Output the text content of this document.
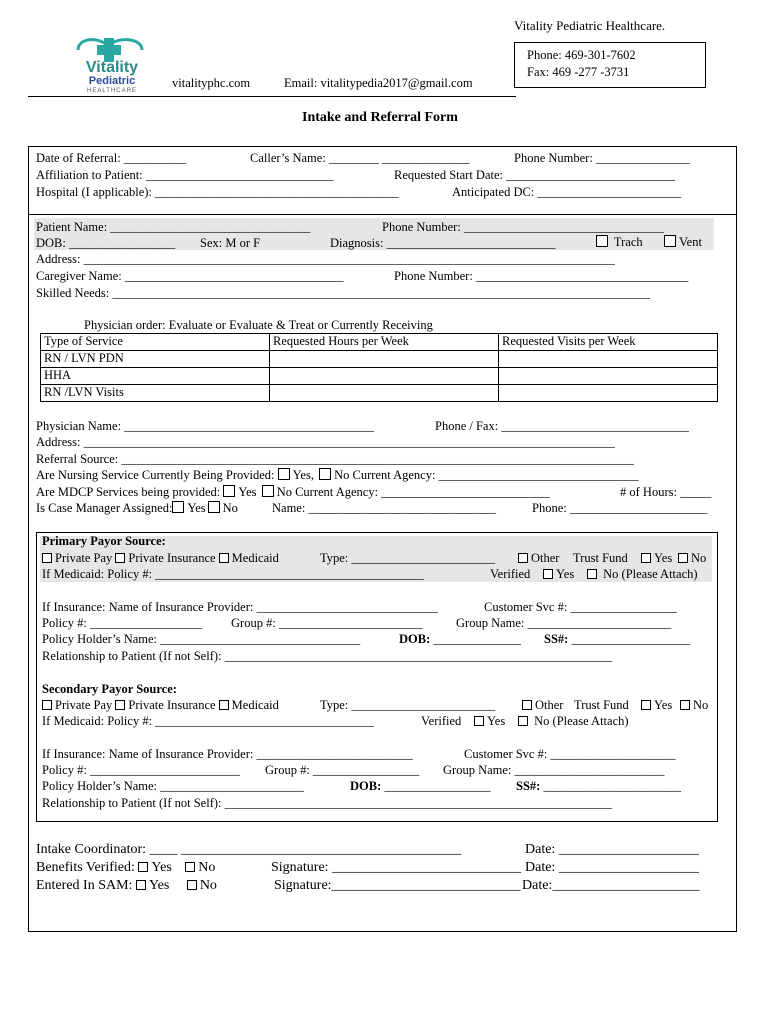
Vitality
Pediatric
HEALTHCARE
Vitality Pediatric Healthcare.
Phone: 469-301-7602
Fax: 469 -277 -3731
vitalityphc.com	Email: vitalitypedia2017@gmail.com
Intake and Referral Form
Date of Referral: __________	Caller’s Name: ________ ______________	Phone Number: _______________
Affiliation to Patient: ______________________________	Requested Start Date: ___________________________
Hospital (I applicable): _______________________________________	Anticipated DC: _______________________
Patient Name: ________________________________	Phone Number: ________________________________
DOB: _________________ Sex: M or F	Diagnosis: ___________________________	Trach	Vent
Address: _____________________________________________________________________________________
Caregiver Name: ___________________________________	Phone Number: __________________________________
Skilled Needs: ______________________________________________________________________________________
Physician order: Evaluate or Evaluate & Treat or Currently Receiving
Type of Service	Requested Hours per Week	Requested Visits per Week
RN / LVN PDN		
HHA		
RN /LVN Visits		
Physician Name: ________________________________________	Phone / Fax: ______________________________
Address: _____________________________________________________________________________________
Referral Source: __________________________________________________________________________________
Are Nursing Service Currently Being Provided: Yes, No Current Agency: ________________________________
Are MDCP Services being provided: Yes No Current Agency: ___________________________	# of Hours: _____
Is Case Manager Assigned: Yes No	Name: ______________________________	Phone: ______________________
Primary Payor Source:
Private Pay Private Insurance Medicaid	Type: _______________________	Other Trust Fund	Yes	No
If Medicaid: Policy #: ___________________________________________	Verified	Yes	No (Please Attach)
If Insurance: Name of Insurance Provider: _____________________________	Customer Svc #: _________________
Policy #: __________________ Group #: _______________________	Group Name: _______________________
Policy Holder’s Name: ________________________________	DOB: ______________ SS#: ___________________
Relationship to Patient (If not Self): ______________________________________________________________
Secondary Payor Source:
Private Pay Private Insurance Medicaid	Type: _______________________	Other Trust Fund	Yes	No
If Medicaid: Policy #: ___________________________________	Verified	Yes	No (Please Attach)
If Insurance: Name of Insurance Provider: _________________________	Customer Svc #: ____________________
Policy #: ________________________ Group #: _________________ Group Name: ________________________
Policy Holder’s Name: _______________________	DOB: _________________ SS#: ______________________
Relationship to Patient (If not Self): ______________________________________________________________
Intake Coordinator: ____ ________________________________________	Date: ____________________
Benefits Verified: Yes No	Signature: ___________________________ Date: ____________________
Entered In SAM: Yes No	Signature:___________________________ Date:_____________________
